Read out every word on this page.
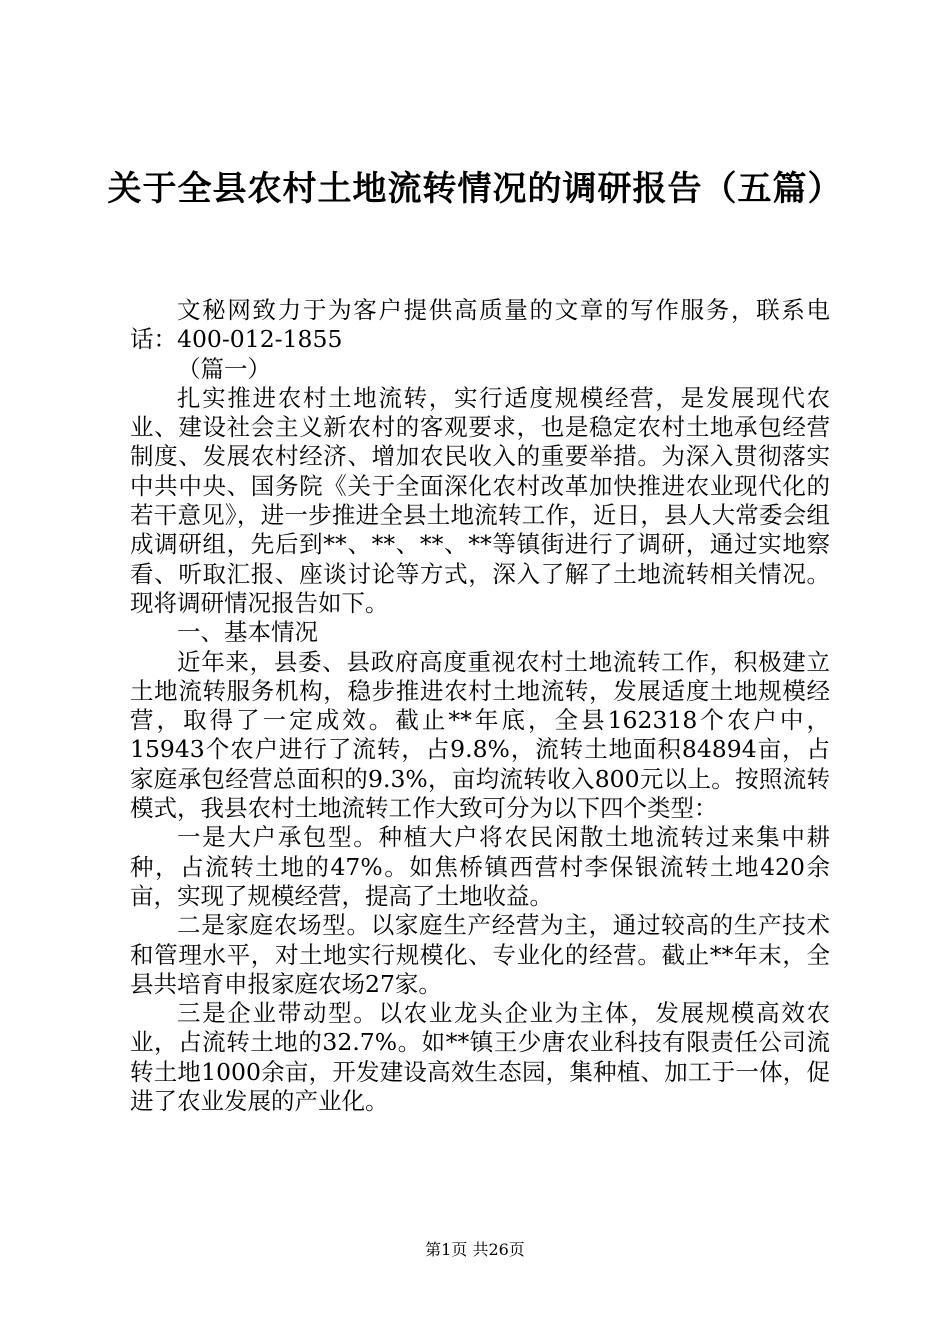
关于全县农村土地流转情况的调研报告（五篇）

文秘网致力于为客户提供高质量的文章的写作服务，联系电话：400-012-1855

（篇一）

扎实推进农村土地流转，实行适度规模经营，是发展现代农业、建设社会主义新农村的客观要求，也是稳定农村土地承包经营制度、发展农村经济、增加农民收入的重要举措。为深入贯彻落实中共中央、国务院《关于全面深化农村改革加快推进农业现代化的若干意见》，进一步推进全县土地流转工作，近日，县人大常委会组成调研组，先后到**、**、**、**等镇街进行了调研，通过实地察看、听取汇报、座谈讨论等方式，深入了解了土地流转相关情况。现将调研情况报告如下。

一、基本情况

近年来，县委、县政府高度重视农村土地流转工作，积极建立土地流转服务机构，稳步推进农村土地流转，发展适度土地规模经营，取得了一定成效。截止**年底，全县162318个农户中，15943个农户进行了流转，占9.8%，流转土地面积84894亩，占家庭承包经营总面积的9.3%，亩均流转收入800元以上。按照流转模式，我县农村土地流转工作大致可分为以下四个类型：

一是大户承包型。种植大户将农民闲散土地流转过来集中耕种，占流转土地的47%。如焦桥镇西营村李保银流转土地420余亩，实现了规模经营，提高了土地收益。

二是家庭农场型。以家庭生产经营为主，通过较高的生产技术和管理水平，对土地实行规模化、专业化的经营。截止**年末，全县共培育申报家庭农场27家。

三是企业带动型。以农业龙头企业为主体，发展规模高效农业，占流转土地的32.7%。如**镇王少唐农业科技有限责任公司流转土地1000余亩，开发建设高效生态园，集种植、加工于一体，促进了农业发展的产业化。

第1页 共26页
